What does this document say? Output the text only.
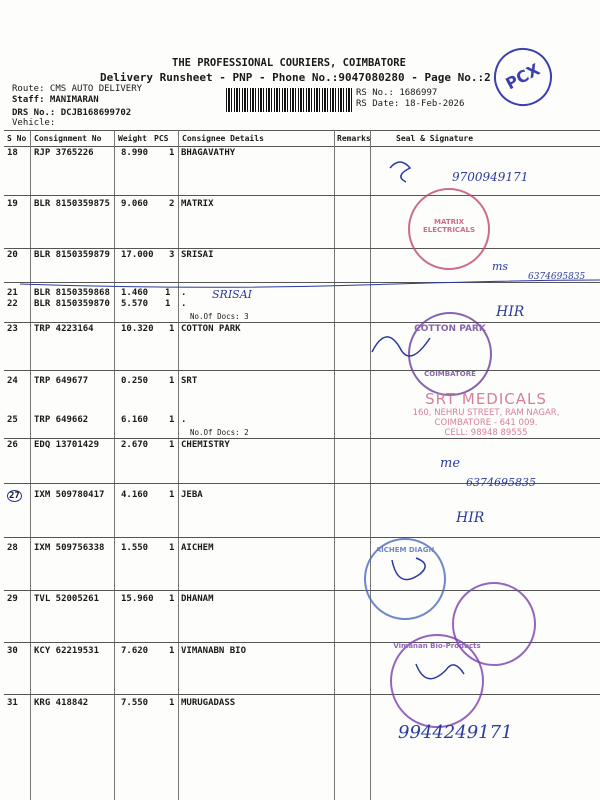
THE PROFESSIONAL COURIERS, COIMBATORE
Delivery Runsheet - PNP - Phone No.:9047080280 - Page No.:2
Route: CMS AUTO DELIVERY
Staff: MANIMARAN
DRS No.: DCJB168699702
Vehicle:
RS No.: 1686997
RS Date: 18-Feb-2026
PCX
S No Consignment No Weight PCS Consignee Details	Remarks	Seal & Signature
18 RJP 3765226	8.990 1 BHAGAVATHY
19 BLR 8150359875 9.060 2 MATRIX
20 BLR 8150359879 17.000 3 SRISAI
21 BLR 8150359868 1.460 1 .
22 BLR 8150359870 5.570 1 .
No.Of Docs: 3
23 TRP 4223164	10.320 1 COTTON PARK
24 TRP 649677	0.250 1 SRT
25 TRP 649662	6.160 1 .
No.Of Docs: 2
26 EDQ 13701429 2.670 1 CHEMISTRY
27 IXM 509780417 4.160 1 JEBA
28 IXM 509756338 1.550 1 AICHEM
29 TVL 52005261 15.960 1 DHANAM
30 KCY 62219531 7.620 1 VIMANABN BIO
31 KRG 418842	7.550 1 MURUGADASS
MATRIX ELECTRICALS
COTTON PARK
COIMBATORE
SRT MEDICALS
160, NEHRU STREET, RAM NAGAR,
COIMBATORE - 641 009.
CELL: 98948 89555
AICHEM DIAGN
Vimanan Bio-Products
9700949171
SRISAI
ms
6374695835
HIR
me
6374695835
HIR
9944249171
